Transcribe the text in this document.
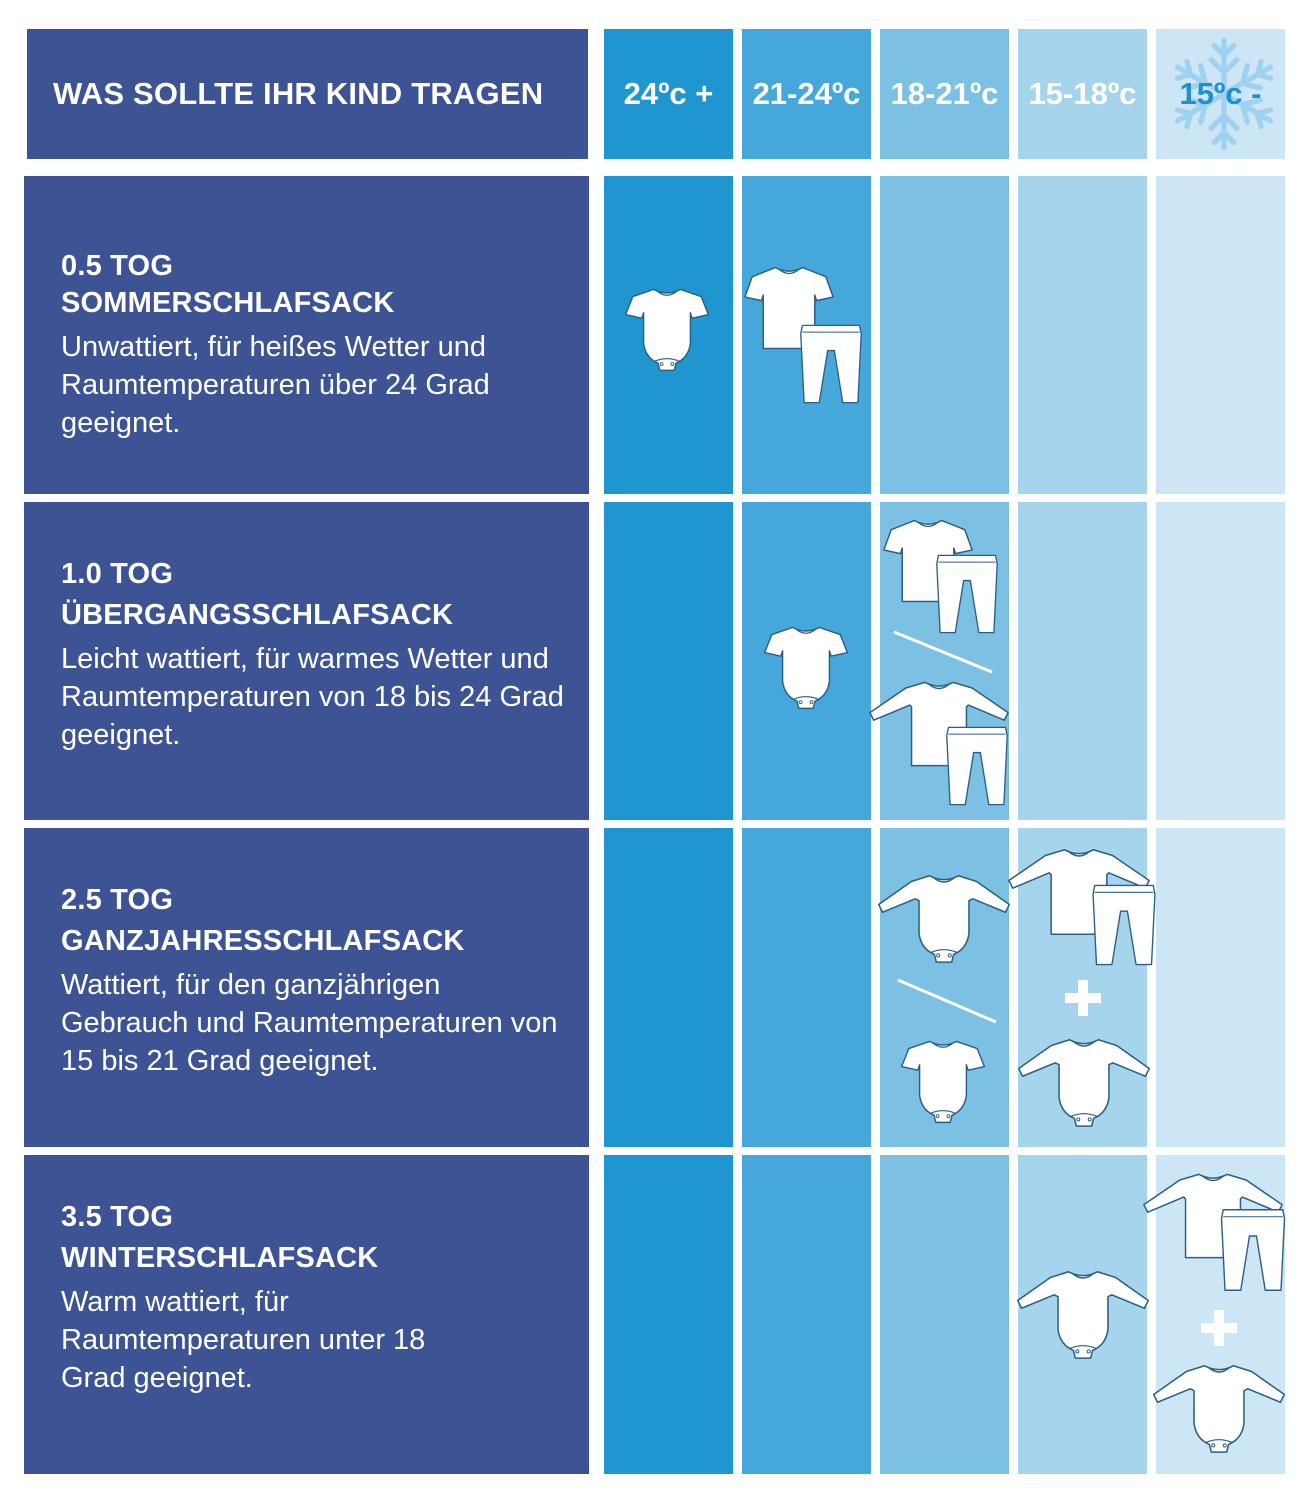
WAS SOLLTE IHR KIND TRAGEN	24ºc + 21-24ºc 18-21ºc 15-18ºc 15ºc -
0.5 TOG
SOMMERSCHLAFSACK
Unwattiert, für heißes Wetter und Raumtemperaturen über 24 Grad geeignet.
1.0 TOG
ÜBERGANGSSCHLAFSACK
Leicht wattiert, für warmes Wetter und Raumtemperaturen von 18 bis 24 Grad geeignet.
2.5 TOG
GANZJAHRESSCHLAFSACK
Wattiert, für den ganzjährigen Gebrauch und Raumtemperaturen von 15 bis 21 Grad geeignet.
3.5 TOG
WINTERSCHLAFSACK
Warm wattiert, für Raumtemperaturen unter 18 Grad geeignet.
